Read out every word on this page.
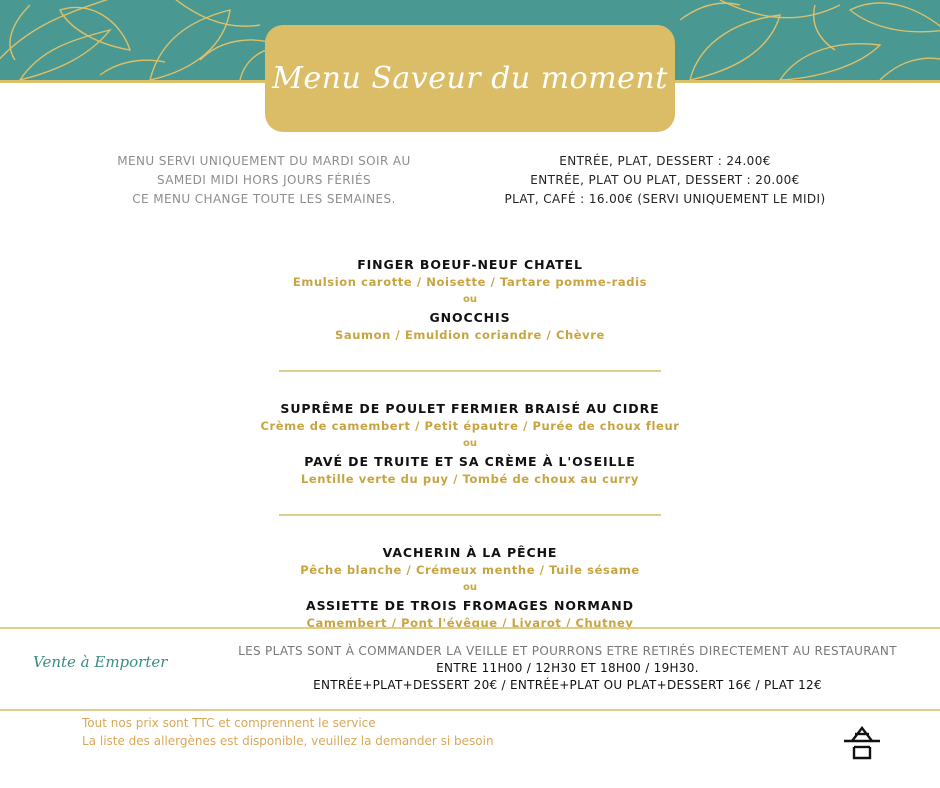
Menu Saveur du moment
MENU SERVI UNIQUEMENT DU MARDI SOIR AU
SAMEDI MIDI HORS JOURS FÉRIÉS
CE MENU CHANGE TOUTE LES SEMAINES.
ENTRÉE, PLAT, DESSERT : 24.00€
ENTRÉE, PLAT OU PLAT, DESSERT : 20.00€
PLAT, CAFÉ : 16.00€ (SERVI UNIQUEMENT LE MIDI)
FINGER BOEUF-NEUF CHATEL
Emulsion carotte / Noisette / Tartare pomme-radis
ou
GNOCCHIS
Saumon / Emuldion coriandre / Chèvre
SUPRÊME DE POULET FERMIER BRAISÉ AU CIDRE
Crème de camembert / Petit épautre / Purée de choux fleur
ou
PAVÉ DE TRUITE ET SA CRÈME À L'OSEILLE
Lentille verte du puy / Tombé de choux au curry
VACHERIN À LA PÊCHE
Pêche blanche / Crémeux menthe / Tuile sésame
ou
ASSIETTE DE TROIS FROMAGES NORMAND
Camembert / Pont l'évêque / Livarot / Chutney
Vente à Emporter
LES PLATS SONT À COMMANDER LA VEILLE ET POURRONS ETRE RETIRÉS DIRECTEMENT AU RESTAURANT
ENTRE 11H00 / 12H30 ET 18H00 / 19H30.
ENTRÉE+PLAT+DESSERT 20€ / ENTRÉE+PLAT OU PLAT+DESSERT 16€ / PLAT 12€
Tout nos prix sont TTC et comprennent le service
La liste des allergènes est disponible, veuillez la demander si besoin
